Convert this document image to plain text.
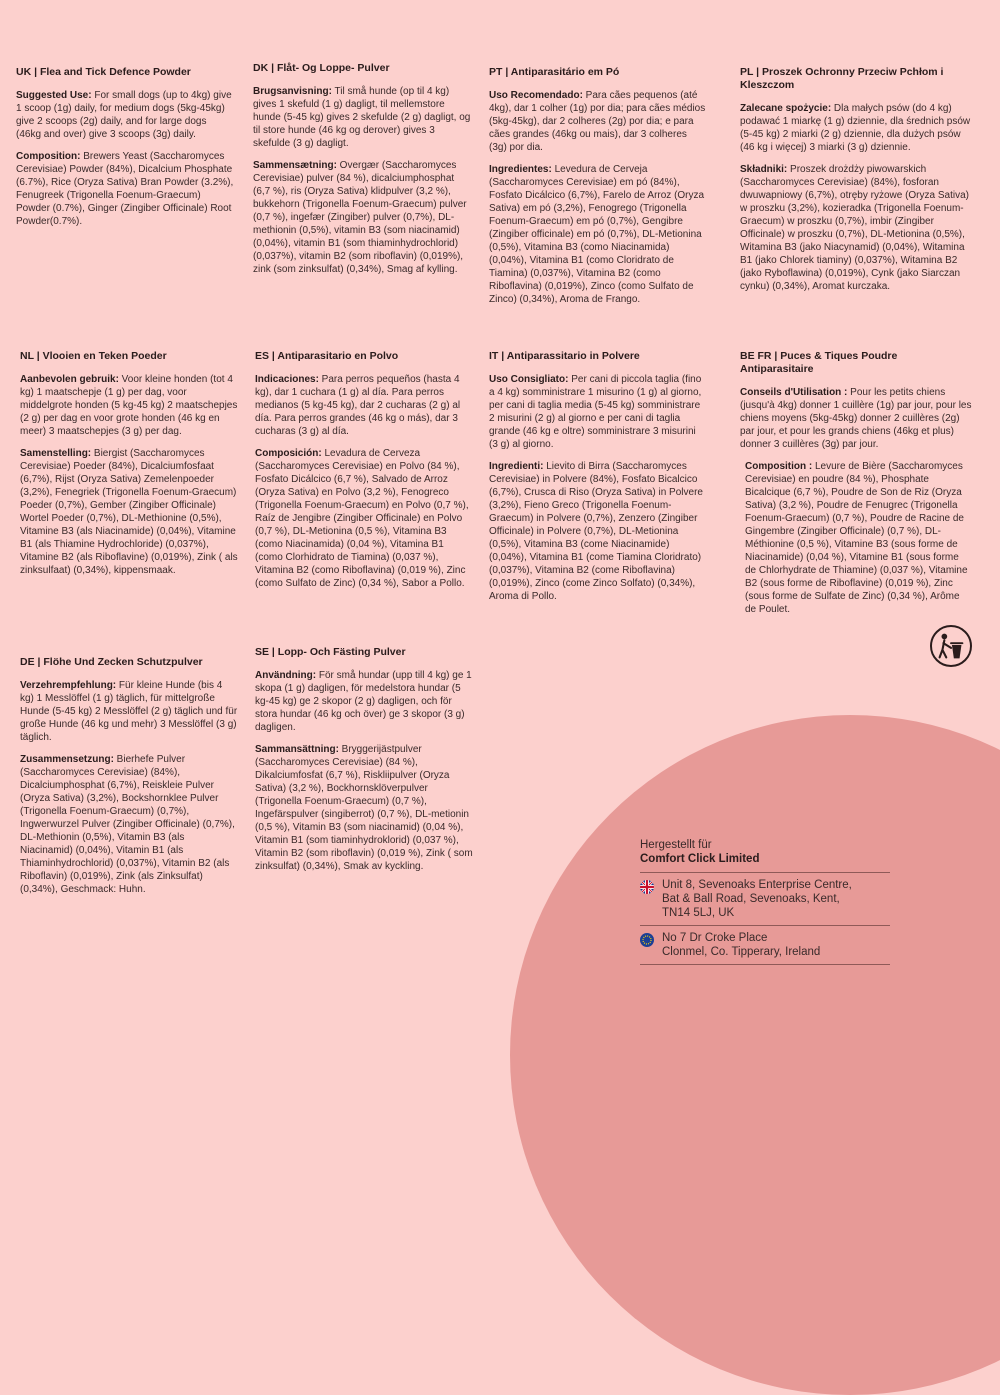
UK | Flea and Tick Defence Powder

Suggested Use: For small dogs (up to 4kg) give 1 scoop (1g) daily, for medium dogs (5kg-45kg) give 2 scoops (2g) daily, and for large dogs (46kg and over) give 3 scoops (3g) daily.

Composition: Brewers Yeast (Saccharomyces Cerevisiae) Powder (84%), Dicalcium Phosphate (6.7%), Rice (Oryza Sativa) Bran Powder (3.2%), Fenugreek (Trigonella Foenum-Graecum) Powder (0.7%), Ginger (Zingiber Officinale) Root Powder(0.7%).

DK | Flåt- Og Loppe- Pulver

Brugsanvisning: Til små hunde (op til 4 kg) gives 1 skefuld (1 g) dagligt, til mellemstore hunde (5-45 kg) gives 2 skefulde (2 g) dagligt, og til store hunde (46 kg og derover) gives 3 skefulde (3 g) dagligt.

Sammensætning: Overgær (Saccharomyces Cerevisiae) pulver (84 %), dicalciumphosphat (6,7 %), ris (Oryza Sativa) klidpulver (3,2 %), bukkehorn (Trigonella Foenum-Graecum) pulver (0,7 %), ingefær (Zingiber) pulver (0,7%), DL-methionin (0,5%), vitamin B3 (som niacinamid) (0,04%), vitamin B1 (som thiaminhydrochlorid) (0,037%), vitamin B2 (som riboflavin) (0,019%), zink (som zinksulfat) (0,34%), Smag af kylling.

PT | Antiparasitário em Pó

Uso Recomendado: Para cães pequenos (até 4kg), dar 1 colher (1g) por dia; para cães médios (5kg-45kg), dar 2 colheres (2g) por dia; e para cães grandes (46kg ou mais), dar 3 colheres (3g) por dia.

Ingredientes: Levedura de Cerveja (Saccharomyces Cerevisiae) em pó (84%), Fosfato Dicálcico (6,7%), Farelo de Arroz (Oryza Sativa) em pó (3,2%), Fenogrego (Trigonella Foenum-Graecum) em pó (0,7%), Gengibre (Zingiber officinale) em pó (0,7%), DL-Metionina (0,5%), Vitamina B3 (como Niacinamida) (0,04%), Vitamina B1 (como Cloridrato de Tiamina) (0,037%), Vitamina B2 (como Riboflavina) (0,019%), Zinco (como Sulfato de Zinco) (0,34%), Aroma de Frango.

PL | Proszek Ochronny Przeciw Pchłom i Kleszczom

Zalecane spożycie: Dla małych psów (do 4 kg) podawać 1 miarkę (1 g) dziennie, dla średnich psów (5-45 kg) 2 miarki (2 g) dziennie, dla dużych psów (46 kg i więcej) 3 miarki (3 g) dziennie.

Składniki: Proszek drożdży piwowarskich (Saccharomyces Cerevisiae) (84%), fosforan dwuwapniowy (6,7%), otręby ryżowe (Oryza Sativa) w proszku (3,2%), kozieradka (Trigonella Foenum-Graecum) w proszku (0,7%), imbir (Zingiber Officinale) w proszku (0,7%), DL-Metionina (0,5%), Witamina B3 (jako Niacynamid) (0,04%), Witamina B1 (jako Chlorek tiaminy) (0,037%), Witamina B2 (jako Ryboflawina) (0,019%), Cynk (jako Siarczan cynku) (0,34%), Aromat kurczaka.

NL | Vlooien en Teken Poeder

Aanbevolen gebruik: Voor kleine honden (tot 4 kg) 1 maatschepje (1 g) per dag, voor middelgrote honden (5 kg-45 kg) 2 maatschepjes (2 g) per dag en voor grote honden (46 kg en meer) 3 maatschepjes (3 g) per dag.

Samenstelling: Biergist (Saccharomyces Cerevisiae) Poeder (84%), Dicalciumfosfaat (6,7%), Rijst (Oryza Sativa) Zemelenpoeder (3,2%), Fenegriek (Trigonella Foenum-Graecum) Poeder (0,7%), Gember (Zingiber Officinale) Wortel Poeder (0,7%), DL-Methionine (0,5%), Vitamine B3 (als Niacinamide) (0,04%), Vitamine B1 (als Thiamine Hydrochloride) (0,037%), Vitamine B2 (als Riboflavine) (0,019%), Zink ( als zinksulfaat) (0,34%), kippensmaak.

ES | Antiparasitario en Polvo

Indicaciones: Para perros pequeños (hasta 4 kg), dar 1 cuchara (1 g) al día. Para perros medianos (5 kg-45 kg), dar 2 cucharas (2 g) al día. Para perros grandes (46 kg o más), dar 3 cucharas (3 g) al día.

Composición: Levadura de Cerveza (Saccharomyces Cerevisiae) en Polvo (84 %), Fosfato Dicálcico (6,7 %), Salvado de Arroz (Oryza Sativa) en Polvo (3,2 %), Fenogreco (Trigonella Foenum-Graecum) en Polvo (0,7 %), Raíz de Jengibre (Zingiber Officinale) en Polvo (0,7 %), DL-Metionina (0,5 %), Vitamina B3 (como Niacinamida) (0,04 %), Vitamina B1 (como Clorhidrato de Tiamina) (0,037 %), Vitamina B2 (como Riboflavina) (0,019 %), Zinc (como Sulfato de Zinc) (0,34 %), Sabor a Pollo.

IT | Antiparassitario in Polvere

Uso Consigliato: Per cani di piccola taglia (fino a 4 kg) somministrare 1 misurino (1 g) al giorno, per cani di taglia media (5-45 kg) somministrare 2 misurini (2 g) al giorno e per cani di taglia grande (46 kg e oltre) somministrare 3 misurini (3 g) al giorno.

Ingredienti: Lievito di Birra (Saccharomyces Cerevisiae) in Polvere (84%), Fosfato Bicalcico (6,7%), Crusca di Riso (Oryza Sativa) in Polvere (3,2%), Fieno Greco (Trigonella Foenum-Graecum) in Polvere (0,7%), Zenzero (Zingiber Officinale) in Polvere (0,7%), DL-Metionina (0,5%), Vitamina B3 (come Niacinamide) (0,04%), Vitamina B1 (come Tiamina Cloridrato) (0,037%), Vitamina B2 (come Riboflavina) (0,019%), Zinco (come Zinco Solfato) (0,34%), Aroma di Pollo.

BE FR | Puces & Tiques Poudre Antiparasitaire

Conseils d'Utilisation : Pour les petits chiens (jusqu'à 4kg) donner 1 cuillère (1g) par jour, pour les chiens moyens (5kg-45kg) donner 2 cuillères (2g) par jour, et pour les grands chiens (46kg et plus) donner 3 cuillères (3g) par jour.

Composition : Levure de Bière (Saccharomyces Cerevisiae) en poudre (84 %), Phosphate Bicalcique (6,7 %), Poudre de Son de Riz (Oryza Sativa) (3,2 %), Poudre de Fenugrec (Trigonella Foenum-Graecum) (0,7 %), Poudre de Racine de Gingembre (Zingiber Officinale) (0,7 %), DL-Méthionine (0,5 %), Vitamine B3 (sous forme de Niacinamide) (0,04 %), Vitamine B1 (sous forme de Chlorhydrate de Thiamine) (0,037 %), Vitamine B2 (sous forme de Riboflavine) (0,019 %), Zinc (sous forme de Sulfate de Zinc) (0,34 %), Arôme de Poulet.

DE | Flöhe Und Zecken Schutzpulver

Verzehrempfehlung: Für kleine Hunde (bis 4 kg) 1 Messlöffel (1 g) täglich, für mittelgroße Hunde (5-45 kg) 2 Messlöffel (2 g) täglich und für große Hunde (46 kg und mehr) 3 Messlöffel (3 g) täglich.

Zusammensetzung: Bierhefe Pulver (Saccharomyces Cerevisiae) (84%), Dicalciumphosphat (6,7%), Reiskleie Pulver (Oryza Sativa) (3,2%), Bockshornklee Pulver (Trigonella Foenum-Graecum) (0,7%), Ingwerwurzel Pulver (Zingiber Officinale) (0,7%), DL-Methionin (0,5%), Vitamin B3 (als Niacinamid) (0,04%), Vitamin B1 (als Thiaminhydrochlorid) (0,037%), Vitamin B2 (als Riboflavin) (0,019%), Zink (als Zinksulfat) (0,34%), Geschmack: Huhn.

SE | Lopp- Och Fästing Pulver

Användning: För små hundar (upp till 4 kg) ge 1 skopa (1 g) dagligen, för medelstora hundar (5 kg-45 kg) ge 2 skopor (2 g) dagligen, och för stora hundar (46 kg och över) ge 3 skopor (3 g) dagligen.

Sammansättning: Bryggerijästpulver (Saccharomyces Cerevisiae) (84 %), Dikalciumfosfat (6,7 %), Riskliipulver (Oryza Sativa) (3,2 %), Bockhornsklöverpulver (Trigonella Foenum-Graecum) (0,7 %), Ingefärspulver (singiberrot) (0,7 %), DL-metionin (0,5 %), Vitamin B3 (som niacinamid) (0,04 %), Vitamin B1 (som tiaminhydroklorid) (0,037 %), Vitamin B2 (som riboflavin) (0,019 %), Zink ( som zinksulfat) (0,34%), Smak av kyckling.

Hergestellt für
Comfort Click Limited
Unit 8, Sevenoaks Enterprise Centre,
Bat & Ball Road, Sevenoaks, Kent,
TN14 5LJ, UK
No 7 Dr Croke Place
Clonmel, Co. Tipperary, Ireland
